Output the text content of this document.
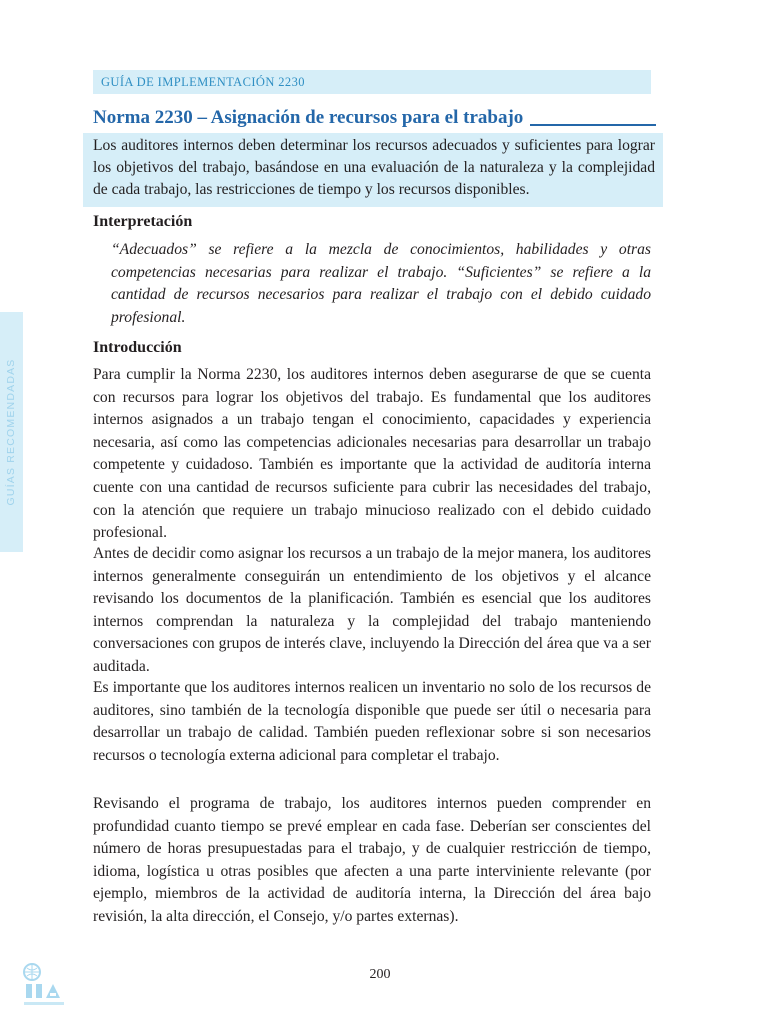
GUÍA DE IMPLEMENTACIÓN 2230
Norma 2230 – Asignación de recursos para el trabajo

Los auditores internos deben determinar los recursos adecuados y suficientes para lograr los objetivos del trabajo, basándose en una evaluación de la naturaleza y la complejidad de cada trabajo, las restricciones de tiempo y los recursos disponibles.

Interpretación

“Adecuados” se refiere a la mezcla de conocimientos, habilidades y otras competencias necesarias para realizar el trabajo. “Suficientes” se refiere a la cantidad de recursos necesarios para realizar el trabajo con el debido cuidado profesional.

Introducción

Para cumplir la Norma 2230, los auditores internos deben asegurarse de que se cuenta con recursos para lograr los objetivos del trabajo. Es fundamental que los auditores internos asignados a un trabajo tengan el conocimiento, capacidades y experiencia necesaria, así como las competencias adicionales necesarias para desarrollar un trabajo competente y cuidadoso. También es importante que la actividad de auditoría interna cuente con una cantidad de recursos suficiente para cubrir las necesidades del trabajo, con la atención que requiere un trabajo minucioso realizado con el debido cuidado profesional.

Antes de decidir como asignar los recursos a un trabajo de la mejor manera, los auditores internos generalmente conseguirán un entendimiento de los objetivos y el alcance revisando los documentos de la planificación. También es esencial que los auditores internos comprendan la naturaleza y la complejidad del trabajo manteniendo conversaciones con grupos de interés clave, incluyendo la Dirección del área que va a ser auditada.

Es importante que los auditores internos realicen un inventario no solo de los recursos de auditores, sino también de la tecnología disponible que puede ser útil o necesaria para desarrollar un trabajo de calidad. También pueden reflexionar sobre si son necesarios recursos o tecnología externa adicional para completar el trabajo.

Revisando el programa de trabajo, los auditores internos pueden comprender en profundidad cuanto tiempo se prevé emplear en cada fase. Deberían ser conscientes del número de horas presupuestadas para el trabajo, y de cualquier restricción de tiempo, idioma, logística u otras posibles que afecten a una parte interviniente relevante (por ejemplo, miembros de la actividad de auditoría interna, la Dirección del área bajo revisión, la alta dirección, el Consejo, y/o partes externas).

GUÍAS RECOMENDADAS
200
